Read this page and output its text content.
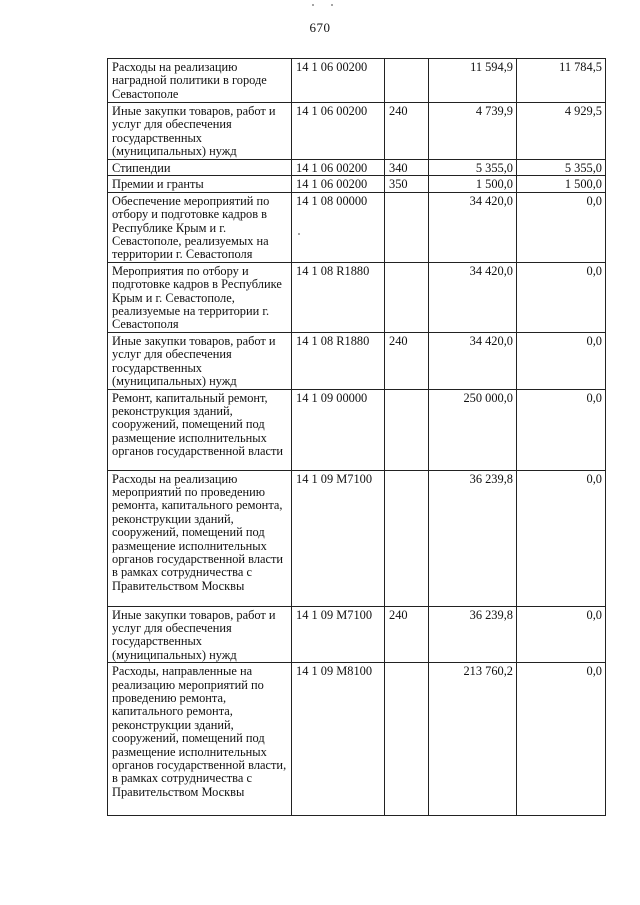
670
Расходы на реализацию наградной политики в городе Севастополе	14 1 06 00200		11 594,9	11 784,5
Иные закупки товаров, работ и услуг для обеспечения государственных (муниципальных) нужд	14 1 06 00200	240	4 739,9	4 929,5
Стипендии	14 1 06 00200	340	5 355,0	5 355,0
Премии и гранты	14 1 06 00200	350	1 500,0	1 500,0
Обеспечение мероприятий по отбору и подготовке кадров в Республике Крым и г. Севастополе, реализуемых на территории г. Севастополя	14 1 08 00000		34 420,0	0,0
Мероприятия по отбору и подготовке кадров в Республике Крым и г. Севастополе, реализуемые на территории г. Севастополя	14 1 08 R1880		34 420,0	0,0
Иные закупки товаров, работ и услуг для обеспечения государственных (муниципальных) нужд	14 1 08 R1880	240	34 420,0	0,0
Ремонт, капитальный ремонт, реконструкция зданий, сооружений, помещений под размещение исполнительных органов государственной власти	14 1 09 00000		250 000,0	0,0
Расходы на реализацию мероприятий по проведению ремонта, капитального ремонта, реконструкции зданий, сооружений, помещений под размещение исполнительных органов государственной власти в рамках сотрудничества с Правительством Москвы	14 1 09 M7100		36 239,8	0,0
Иные закупки товаров, работ и услуг для обеспечения государственных (муниципальных) нужд	14 1 09 M7100	240	36 239,8	0,0
Расходы, направленные на реализацию мероприятий по проведению ремонта, капитального ремонта, реконструкции зданий, сооружений, помещений под размещение исполнительных органов государственной власти, в рамках сотрудничества с Правительством Москвы	14 1 09 M8100		213 760,2	0,0
